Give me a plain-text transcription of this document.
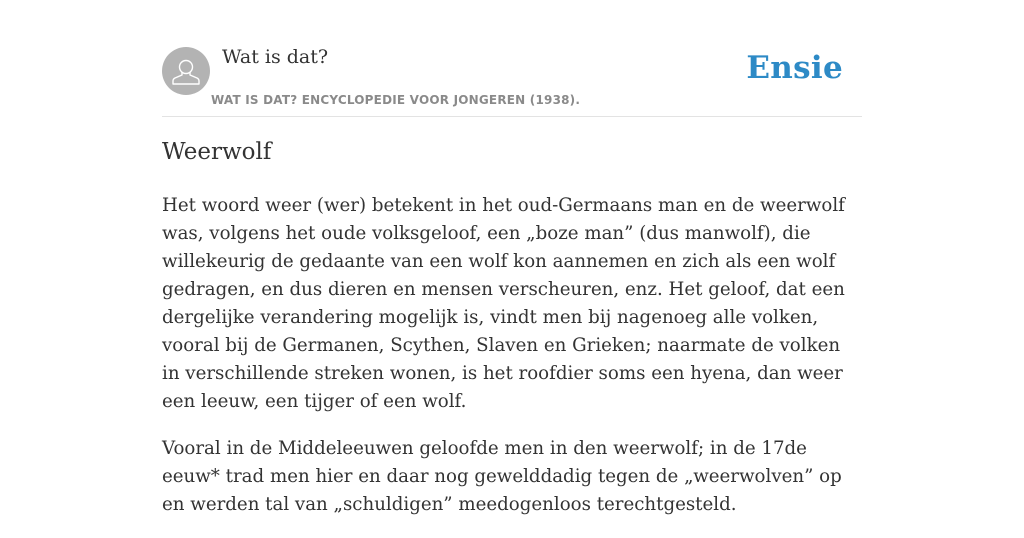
Wat is dat?
WAT IS DAT? ENCYCLOPEDIE VOOR JONGEREN (1938).
Ensie
Weerwolf

Het woord weer (wer) betekent in het oud-Germaans man en de weerwolf was, volgens het oude volksgeloof, een „boze man” (dus manwolf), die willekeurig de gedaante van een wolf kon aannemen en zich als een wolf gedragen, en dus dieren en mensen verscheuren, enz. Het geloof, dat een dergelijke verandering mogelijk is, vindt men bij nagenoeg alle volken, vooral bij de Germanen, Scythen, Slaven en Grieken; naarmate de volken in verschillende streken wonen, is het roofdier soms een hyena, dan weer een leeuw, een tijger of een wolf.

Vooral in de Middeleeuwen geloofde men in den weerwolf; in de 17de eeuw* trad men hier en daar nog gewelddadig tegen de „weerwolven” op en werden tal van „schuldigen” meedogenloos terechtgesteld.
